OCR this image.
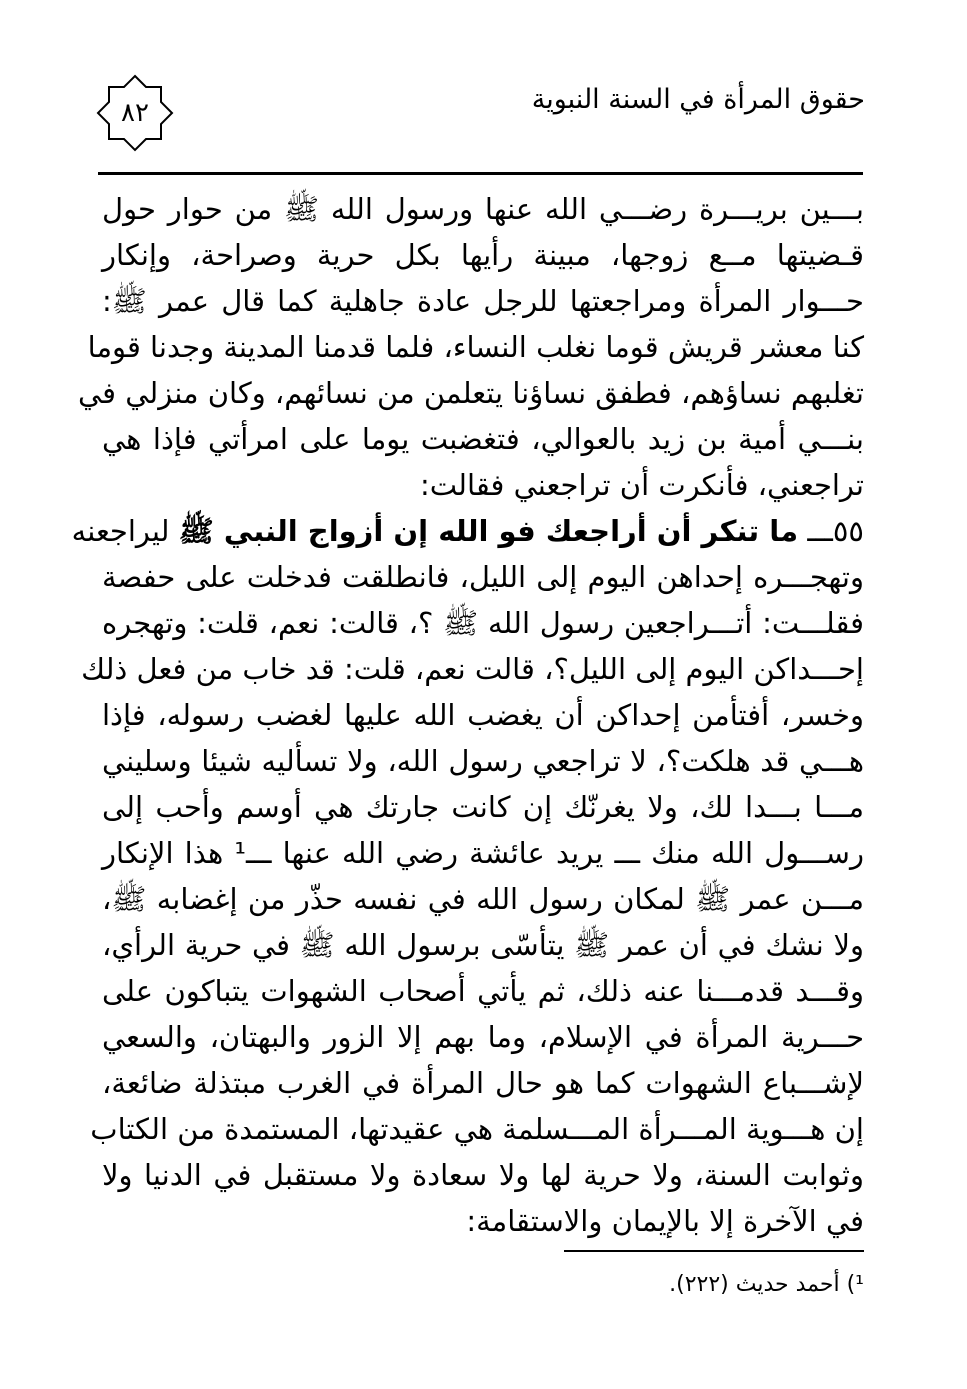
حقوق المرأة في السنة النبوية
٨٢
بـــين بريـــرة رضـــي الله عنها ورسول الله ﷺ من حوار حول
قـضيتها مــع زوجها، مبينة رأيها بكل حرية وصراحة، وإنكار
حـــوار المرأة ومراجعتها للرجل عادة جاهلية كما قال عمر ﷺ:
كنا معشر قريش قوما نغلب النساء، فلما قدمنا المدينة وجدنا قوما
تغلبهم نساؤهم، فطفق نساؤنا يتعلمن من نسائهم، وكان منزلي في
بنـــي أمية بن زيد بالعوالي، فتغضبت يوما على امرأتي فإذا هي
تراجعني، فأنكرت أن تراجعني فقالت:
٥٥ـــ ما تنكر أن أراجعك فو الله إن أزواج النبي ﷺ ليراجعنه
وتهجـــره إحداهن اليوم إلى الليل، فانطلقت فدخلت على حفصة
فقلـــت: أتـــراجعين رسول الله ﷺ ؟، قالت: نعم، قلت: وتهجره
إحـــداكن اليوم إلى الليل؟، قالت نعم، قلت: قد خاب من فعل ذلك
وخسر، أفتأمن إحداكن أن يغضب الله عليها لغضب رسوله، فإذا
هـــي قد هلكت؟، لا تراجعي رسول الله، ولا تسأليه شيئا وسليني
مـــا بـــدا لك، ولا يغرنّك إن كانت جارتك هي أوسم وأحب إلى
رســـول الله منك ـــ يريد عائشة رضي الله عنها ـــ¹ هذا الإنكار
مـــن عمر ﷺ لمكان رسول الله في نفسه حذّر من إغضابه ﷺ،
ولا نشك في أن عمر ﷺ يتأسّى برسول الله ﷺ في حرية الرأي،
وقـــد قدمـــنا عنه ذلك، ثم يأتي أصحاب الشهوات يتباكون على
حـــرية المرأة في الإسلام، وما بهم إلا الزور والبهتان، والسعي
لإشـــباع الشهوات كما هو حال المرأة في الغرب مبتذلة ضائعة،
إن هـــوية المـــرأة المـــسلمة هي عقيدتها، المستمدة من الكتاب
وثوابت السنة، ولا حرية لها ولا سعادة ولا مستقبل في الدنيا ولا
في الآخرة إلا بالإيمان والاستقامة:
¹) أحمد حديث (٢٢٢).
